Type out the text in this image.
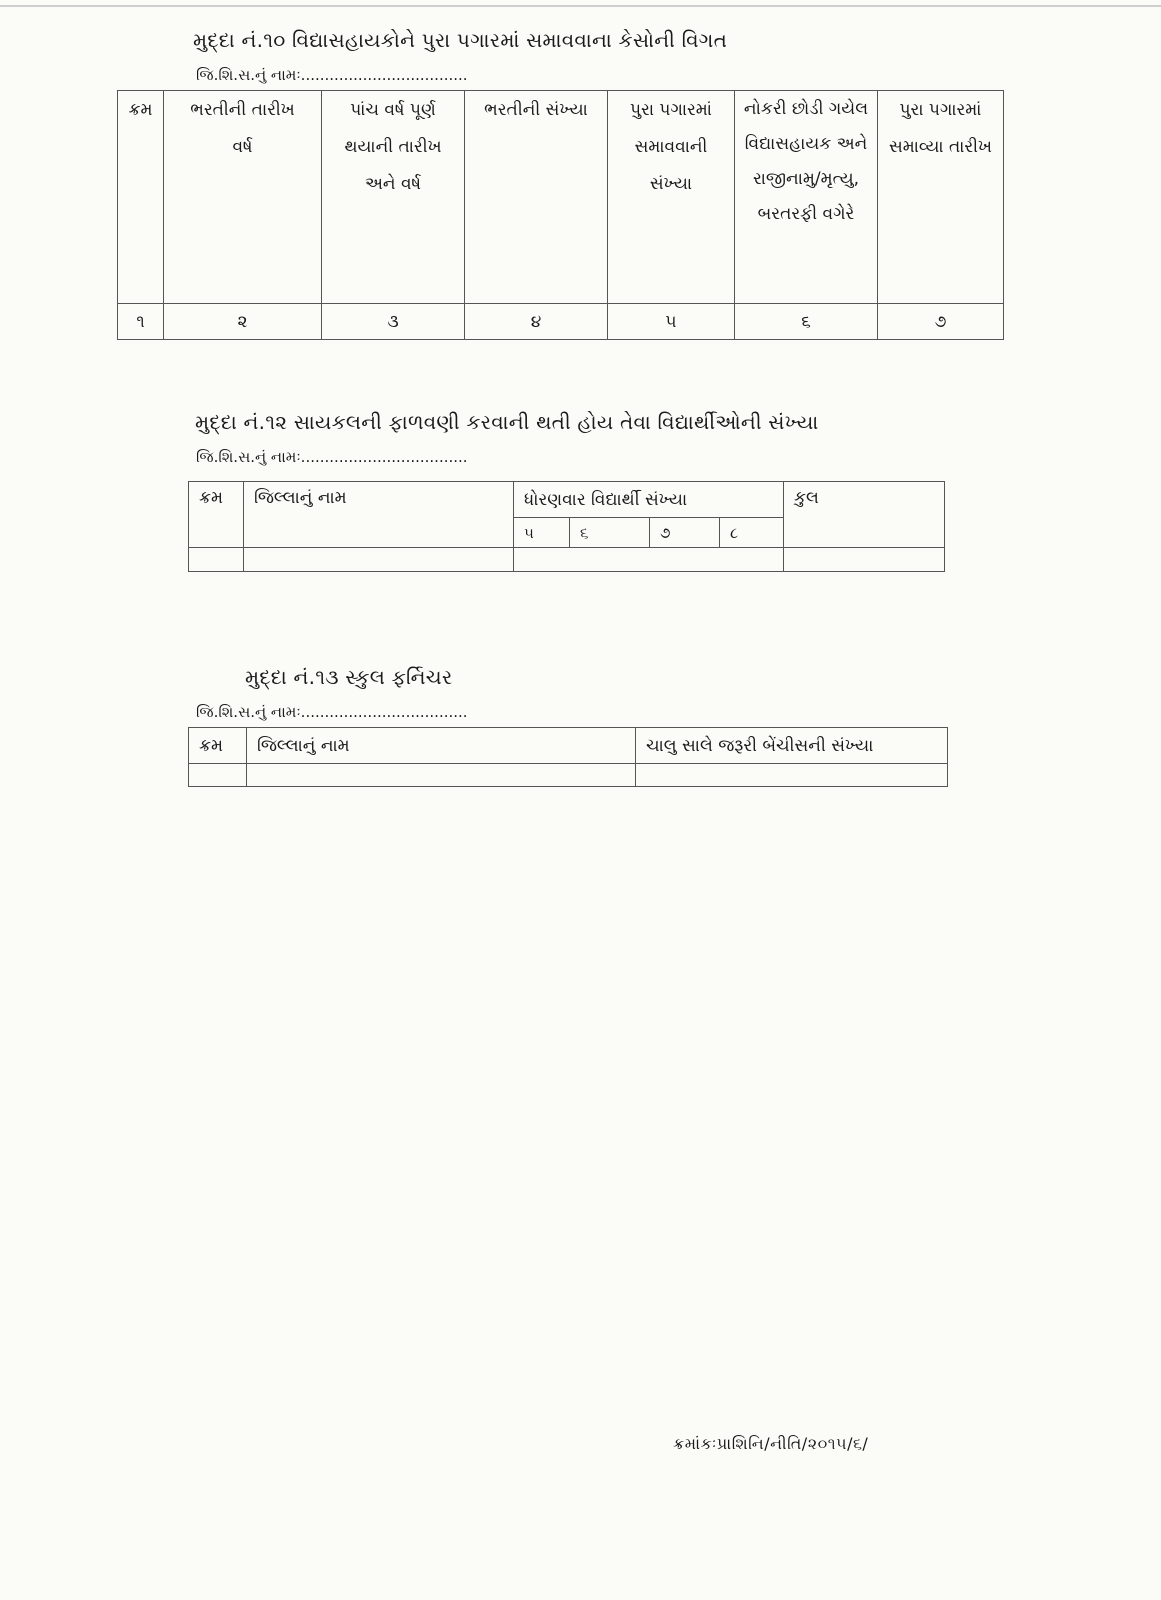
મુદ્દા નં.૧૦ વિદ્યાસહાયકોને પુરા પગારમાં સમાવવાના કેસોની વિગત
જિ.શિ.સ.નું નામઃ...................................
ક્રમ	ભરતીની તારીખ વર્ષ	પાંચ વર્ષ પૂર્ણ થયાની તારીખ અને વર્ષ	ભરતીની સંખ્યા	પુરા પગારમાં સમાવવાની સંખ્યા	નોકરી છોડી ગયેલ વિદ્યાસહાયક અને રાજીનામુ/મૃત્યુ, બરતરફી વગેરે	પુરા પગારમાં સમાવ્યા તારીખ
૧	૨	૩	૪	૫	૬	૭
મુદ્દા નં.૧૨ સાયકલની ફાળવણી કરવાની થતી હોય તેવા વિદ્યાર્થીઓની સંખ્યા
જિ.શિ.સ.નું નામઃ...................................
ક્રમ	જિલ્લાનું નામ	ધોરણવાર વિદ્યાર્થી સંખ્યા				કુલ
		૫	૬	૭	૮	

મુદ્દા નં.૧૩ સ્કુલ ફર્નિચર
જિ.શિ.સ.નું નામઃ...................................
ક્રમ	જિલ્લાનું નામ	ચાલુ સાલે જરૂરી બેંચીસની સંખ્યા

ક્રમાંકઃપ્રાશિનિ/નીતિ/૨૦૧૫/૬/
